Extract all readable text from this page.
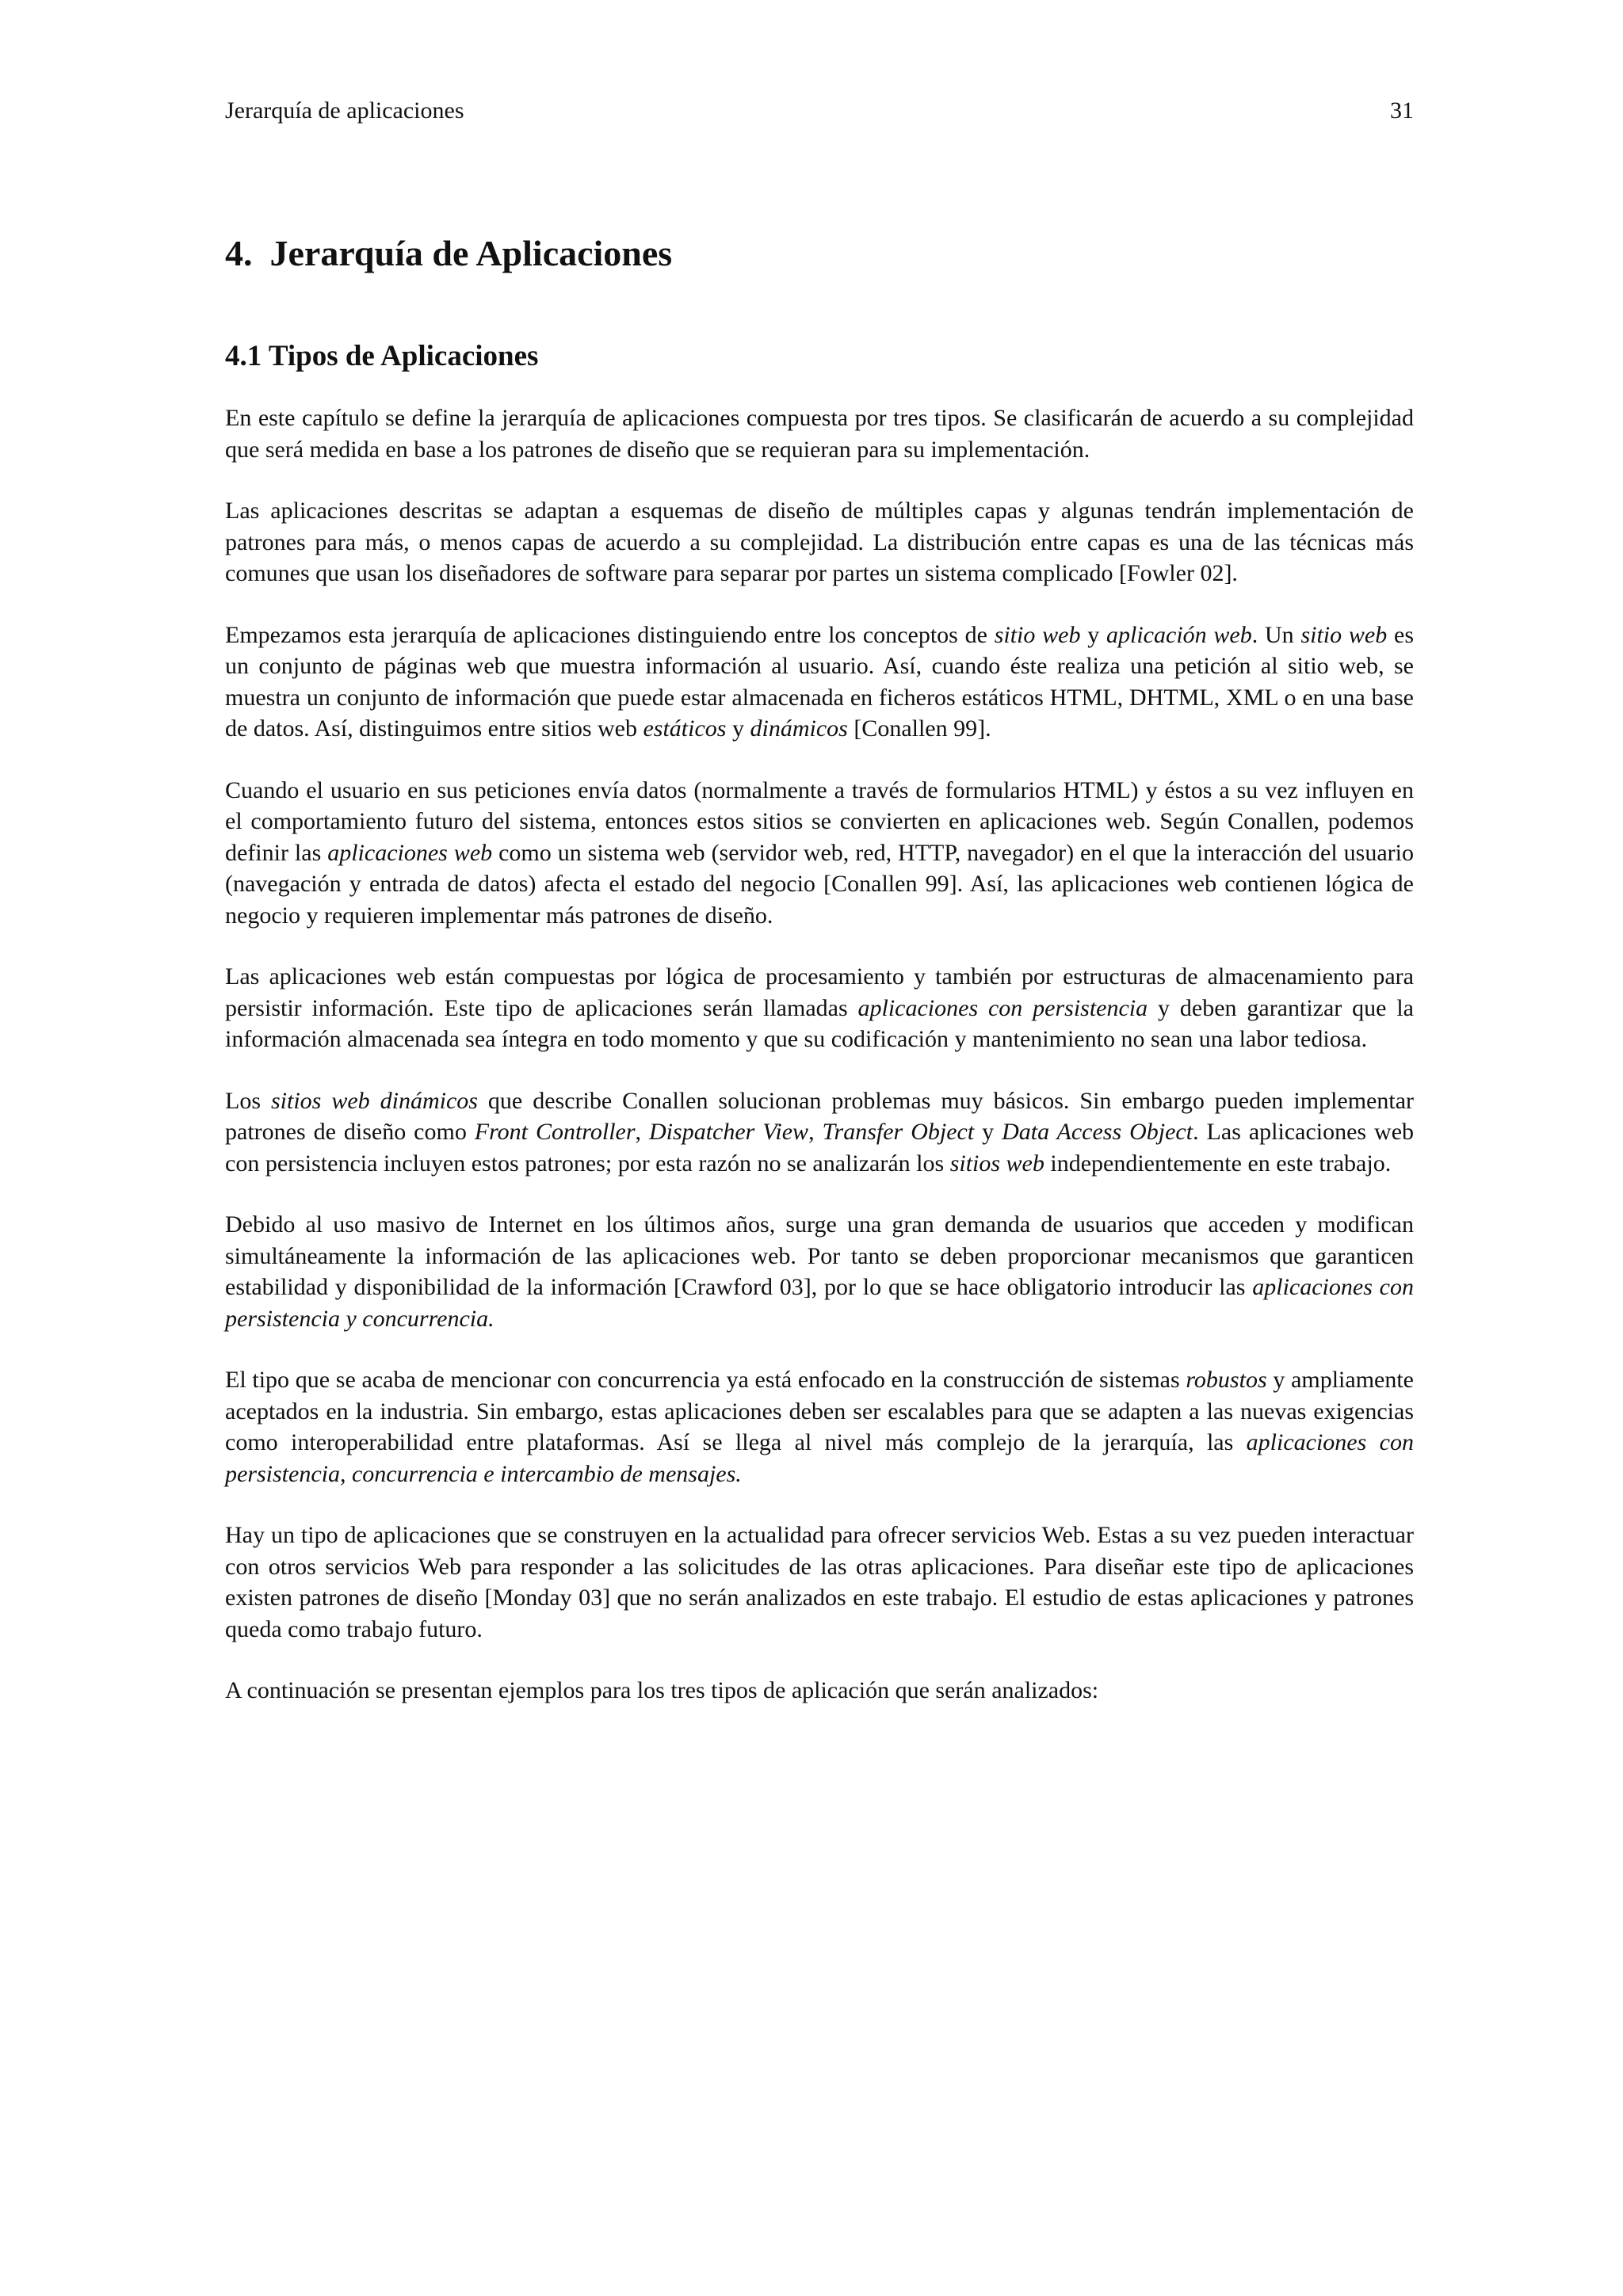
Jerarquía de aplicaciones	31
4. Jerarquía de Aplicaciones
4.1 Tipos de Aplicaciones

En este capítulo se define la jerarquía de aplicaciones compuesta por tres tipos. Se clasificarán de acuerdo a su complejidad que será medida en base a los patrones de diseño que se requieran para su implementación.

Las aplicaciones descritas se adaptan a esquemas de diseño de múltiples capas y algunas tendrán implementación de patrones para más, o menos capas de acuerdo a su complejidad. La distribución entre capas es una de las técnicas más comunes que usan los diseñadores de software para separar por partes un sistema complicado [Fowler 02].

Empezamos esta jerarquía de aplicaciones distinguiendo entre los conceptos de sitio web y aplicación web. Un sitio web es un conjunto de páginas web que muestra información al usuario. Así, cuando éste realiza una petición al sitio web, se muestra un conjunto de información que puede estar almacenada en ficheros estáticos HTML, DHTML, XML o en una base de datos. Así, distinguimos entre sitios web estáticos y dinámicos [Conallen 99].

Cuando el usuario en sus peticiones envía datos (normalmente a través de formularios HTML) y éstos a su vez influyen en el comportamiento futuro del sistema, entonces estos sitios se convierten en aplicaciones web. Según Conallen, podemos definir las aplicaciones web como un sistema web (servidor web, red, HTTP, navegador) en el que la interacción del usuario (navegación y entrada de datos) afecta el estado del negocio [Conallen 99]. Así, las aplicaciones web contienen lógica de negocio y requieren implementar más patrones de diseño.

Las aplicaciones web están compuestas por lógica de procesamiento y también por estructuras de almacenamiento para persistir información. Este tipo de aplicaciones serán llamadas aplicaciones con persistencia y deben garantizar que la información almacenada sea íntegra en todo momento y que su codificación y mantenimiento no sean una labor tediosa.

Los sitios web dinámicos que describe Conallen solucionan problemas muy básicos. Sin embargo pueden implementar patrones de diseño como Front Controller, Dispatcher View, Transfer Object y Data Access Object. Las aplicaciones web con persistencia incluyen estos patrones; por esta razón no se analizarán los sitios web independientemente en este trabajo.

Debido al uso masivo de Internet en los últimos años, surge una gran demanda de usuarios que acceden y modifican simultáneamente la información de las aplicaciones web. Por tanto se deben proporcionar mecanismos que garanticen estabilidad y disponibilidad de la información [Crawford 03], por lo que se hace obligatorio introducir las aplicaciones con persistencia y concurrencia.

El tipo que se acaba de mencionar con concurrencia ya está enfocado en la construcción de sistemas robustos y ampliamente aceptados en la industria. Sin embargo, estas aplicaciones deben ser escalables para que se adapten a las nuevas exigencias como interoperabilidad entre plataformas. Así se llega al nivel más complejo de la jerarquía, las aplicaciones con persistencia, concurrencia e intercambio de mensajes.

Hay un tipo de aplicaciones que se construyen en la actualidad para ofrecer servicios Web. Estas a su vez pueden interactuar con otros servicios Web para responder a las solicitudes de las otras aplicaciones. Para diseñar este tipo de aplicaciones existen patrones de diseño [Monday 03] que no serán analizados en este trabajo. El estudio de estas aplicaciones y patrones queda como trabajo futuro.

A continuación se presentan ejemplos para los tres tipos de aplicación que serán analizados:
